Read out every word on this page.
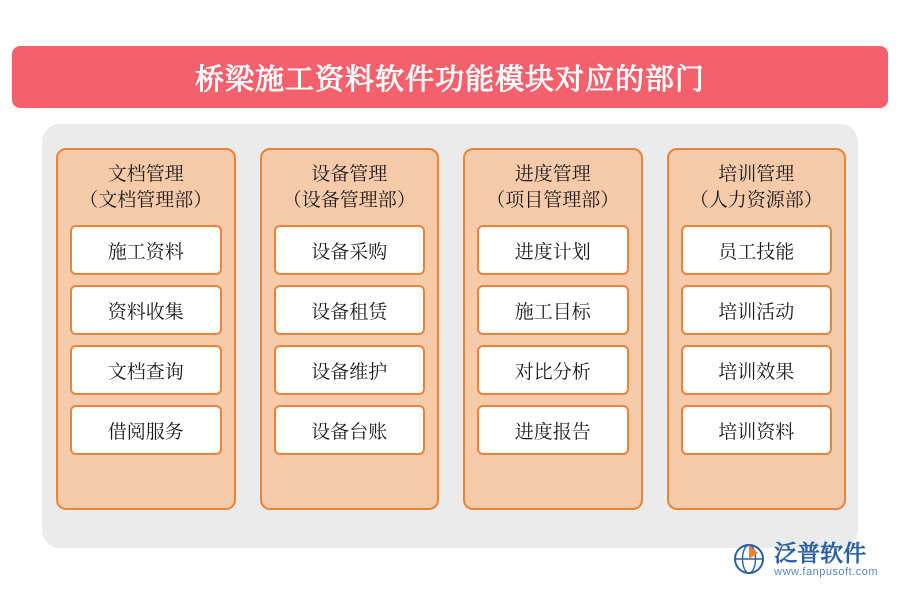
桥梁施工资料软件功能模块对应的部门
文档管理
（文档管理部）
施工资料
资料收集
文档查询
借阅服务
设备管理
（设备管理部）
设备采购
设备租赁
设备维护
设备台账
进度管理
（项目管理部）
进度计划
施工目标
对比分析
进度报告
培训管理
（人力资源部）
员工技能
培训活动
培训效果
培训资料
泛普软件
www.fanpusoft.com
